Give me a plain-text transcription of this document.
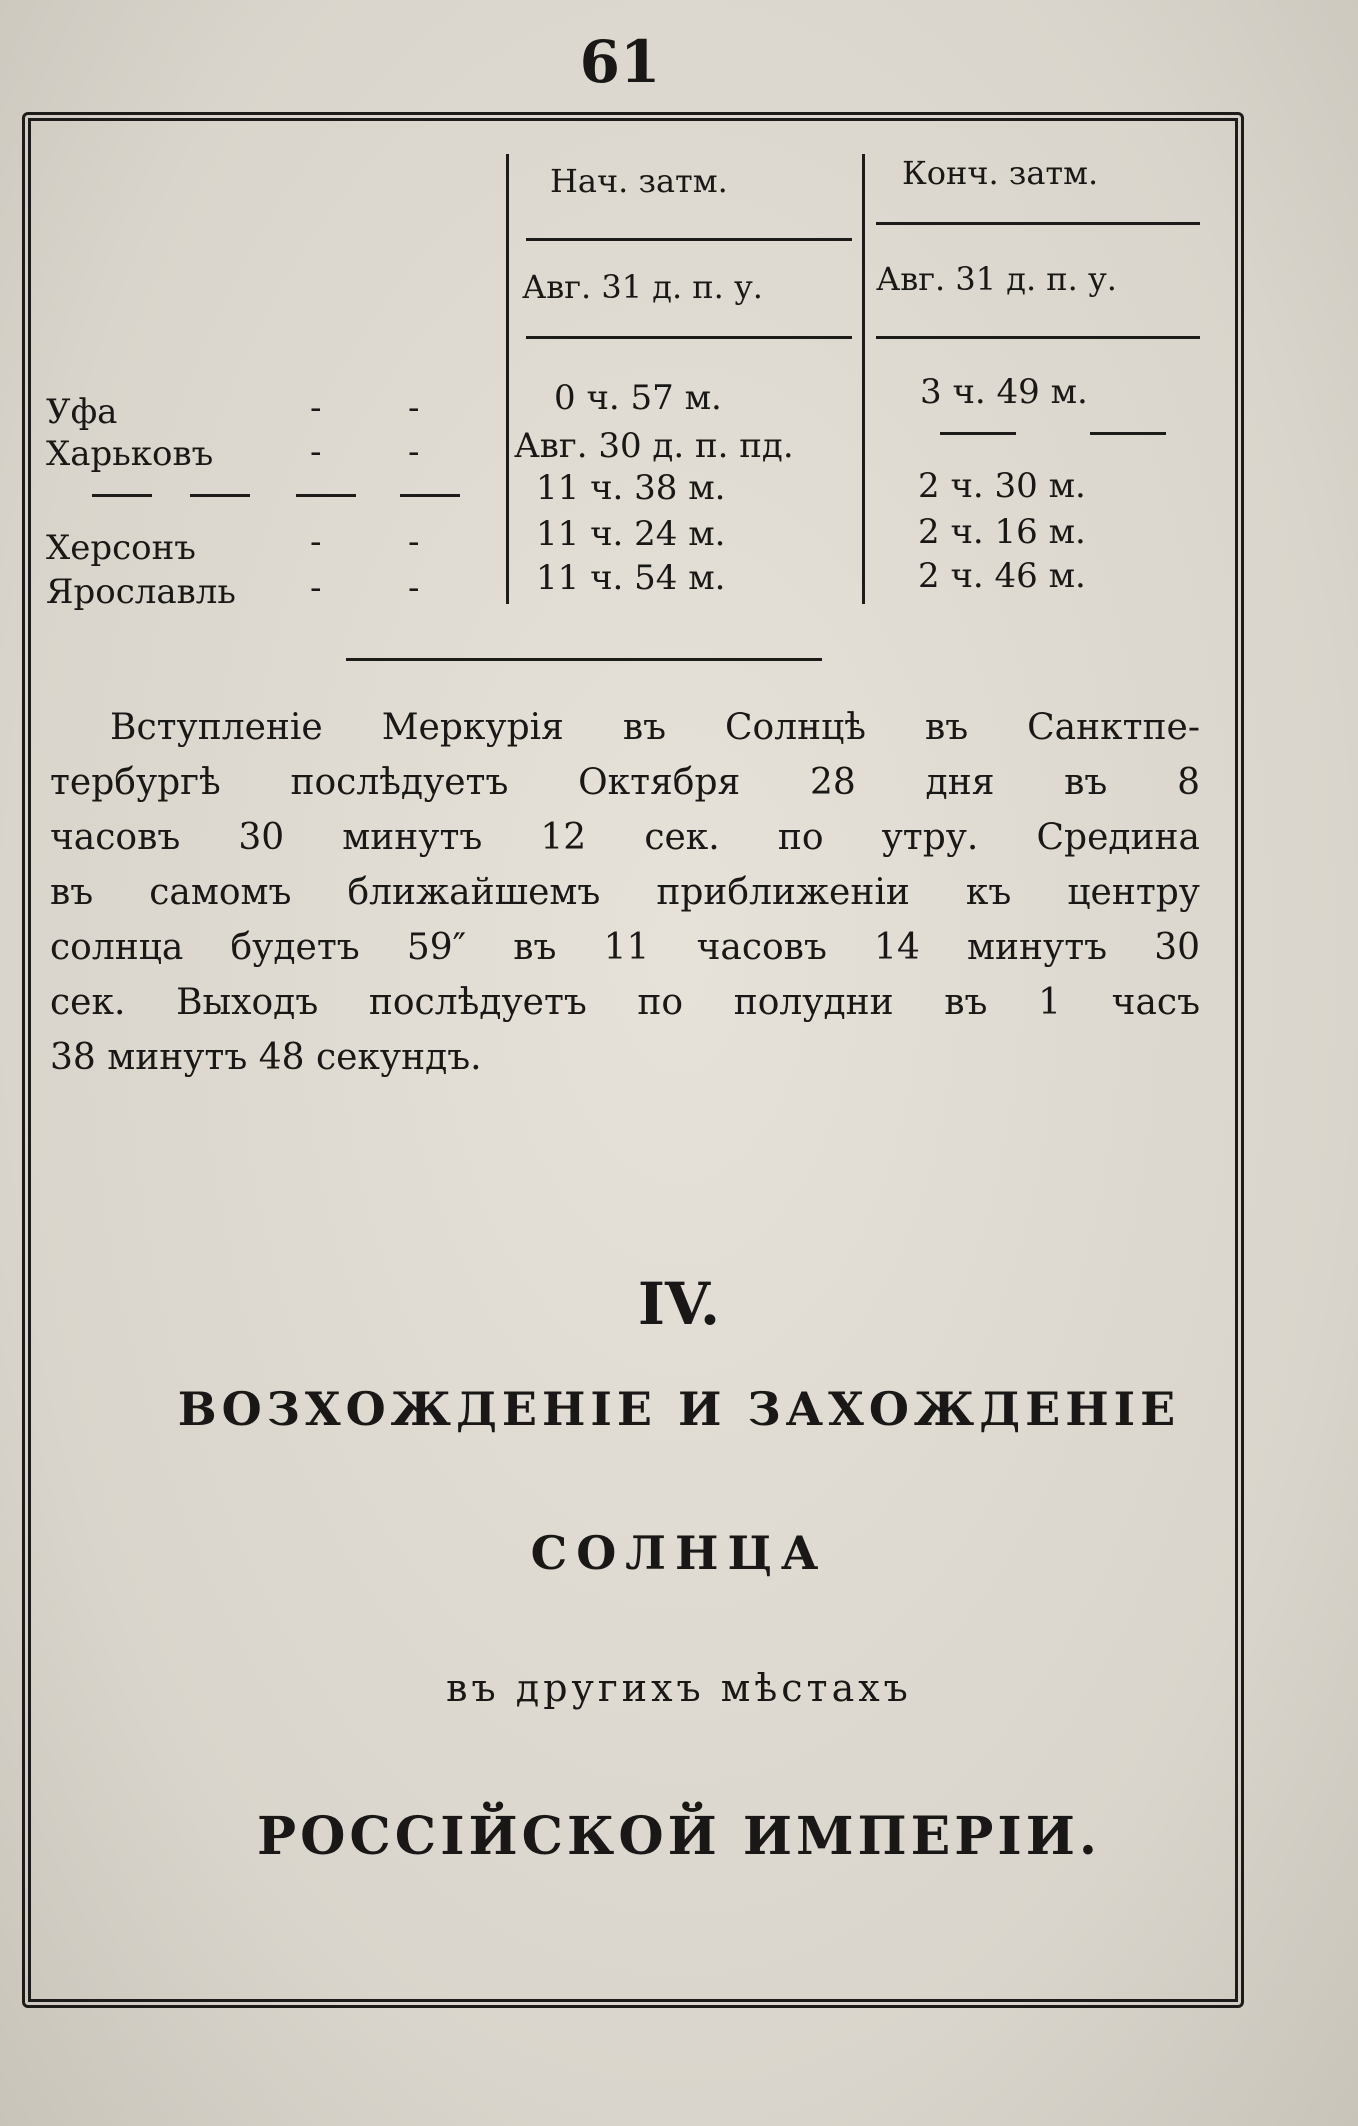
61
Нач. затм.	Конч. затм.
Авг. 31 д. п. у.	Авг. 31 д. п. у.
Уфа	-        -	0 ч. 57 м.	3 ч. 49 м.
Харьковъ	-        -	Авг. 30 д. п. пд.
11 ч. 38 м.	2 ч. 30 м.
Херсонъ	-        -	11 ч. 24 м.	2 ч. 16 м.
Ярославль -        -	11 ч. 54 м.	2 ч. 46 м.
Вступленіе Меркурія въ Солнцѣ въ Санктпе-
тербургѣ послѣдуетъ Октября 28 дня въ 8
часовъ 30 минутъ 12 сек. по утру. Средина
въ самомъ ближайшемъ приближеніи къ центру
солнца будетъ 59″ въ 11 часовъ 14 минутъ 30
сек. Выходъ послѣдуетъ по полудни въ 1 часъ
38 минутъ 48 секундъ.
IV.
ВОЗХОЖДЕНІЕ И ЗАХОЖДЕНІЕ
СОЛНЦА
въ другихъ мѣстахъ
РОССІЙСКОЙ ИМПЕРІИ.
